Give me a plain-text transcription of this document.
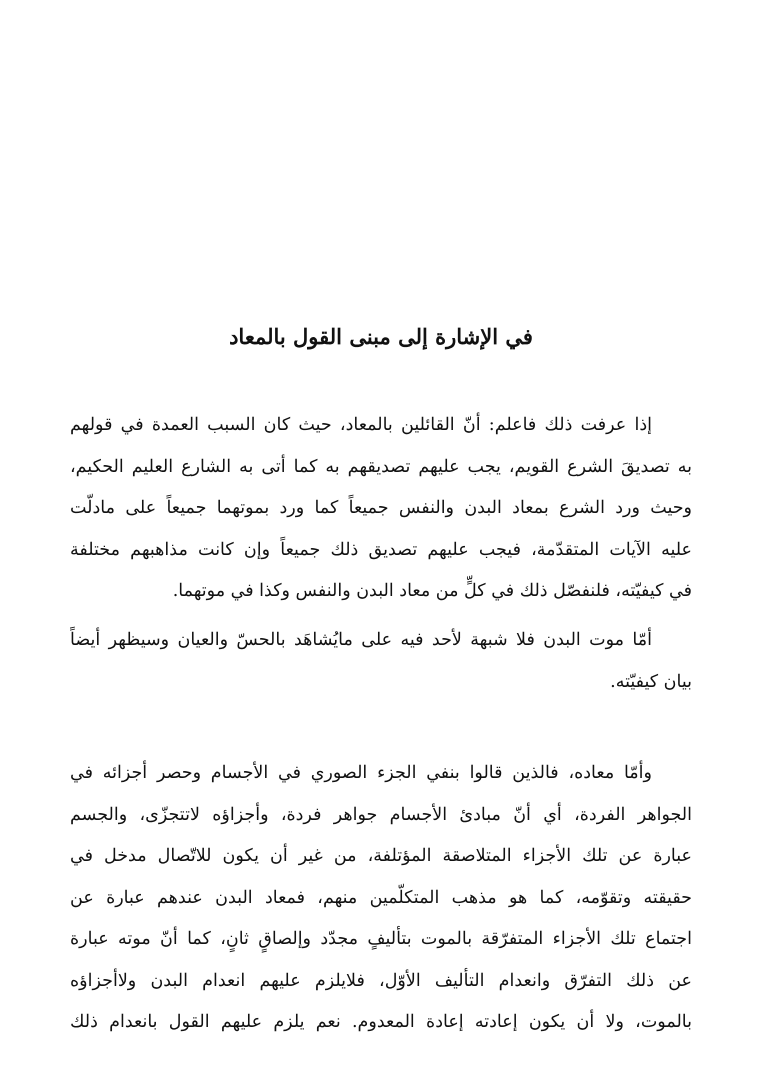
في الإشارة إلى مبنى القول بالمعاد
إذا عرفت ذلك فاعلم: أنّ القائلين بالمعاد، حيث كان السبب العمدة في قولهم
به تصديقَ الشرع القويم، يجب عليهم تصديقهم به كما أتى به الشارع العليم الحكيم،
وحيث ورد الشرع بمعاد البدن والنفس جميعاً كما ورد بموتهما جميعاً على مادلّت
عليه الآيات المتقدّمة، فيجب عليهم تصديق ذلك جميعاً وإن كانت مذاهبهم مختلفة
في كيفيّته، فلنفصّل ذلك في كلٍّ من معاد البدن والنفس وكذا في موتهما.
أمّا موت البدن فلا شبهة لأحد فيه على مايُشاهَد بالحسّ والعيان وسيظهر أيضاً
بيان كيفيّته.
وأمّا معاده، فالذين قالوا بنفي الجزء الصوري في الأجسام وحصر أجزائه في
الجواهر الفردة، أي أنّ مبادئ الأجسام جواهر فردة، وأجزاؤه لاتتجزّى، والجسم
عبارة عن تلك الأجزاء المتلاصقة المؤتلفة، من غير أن يكون للاتّصال مدخل في
حقيقته وتقوّمه، كما هو مذهب المتكلّمين منهم، فمعاد البدن عندهم عبارة عن
اجتماع تلك الأجزاء المتفرّقة بالموت بتأليفٍ مجدّد وإلصاقٍ ثانٍ، كما أنّ موته عبارة
عن ذلك التفرّق وانعدام التأليف الأوّل، فلايلزم عليهم انعدام البدن ولاأجزاؤه
بالموت، ولا أن يكون إعادته إعادة المعدوم. نعم يلزم عليهم القول بانعدام ذلك
